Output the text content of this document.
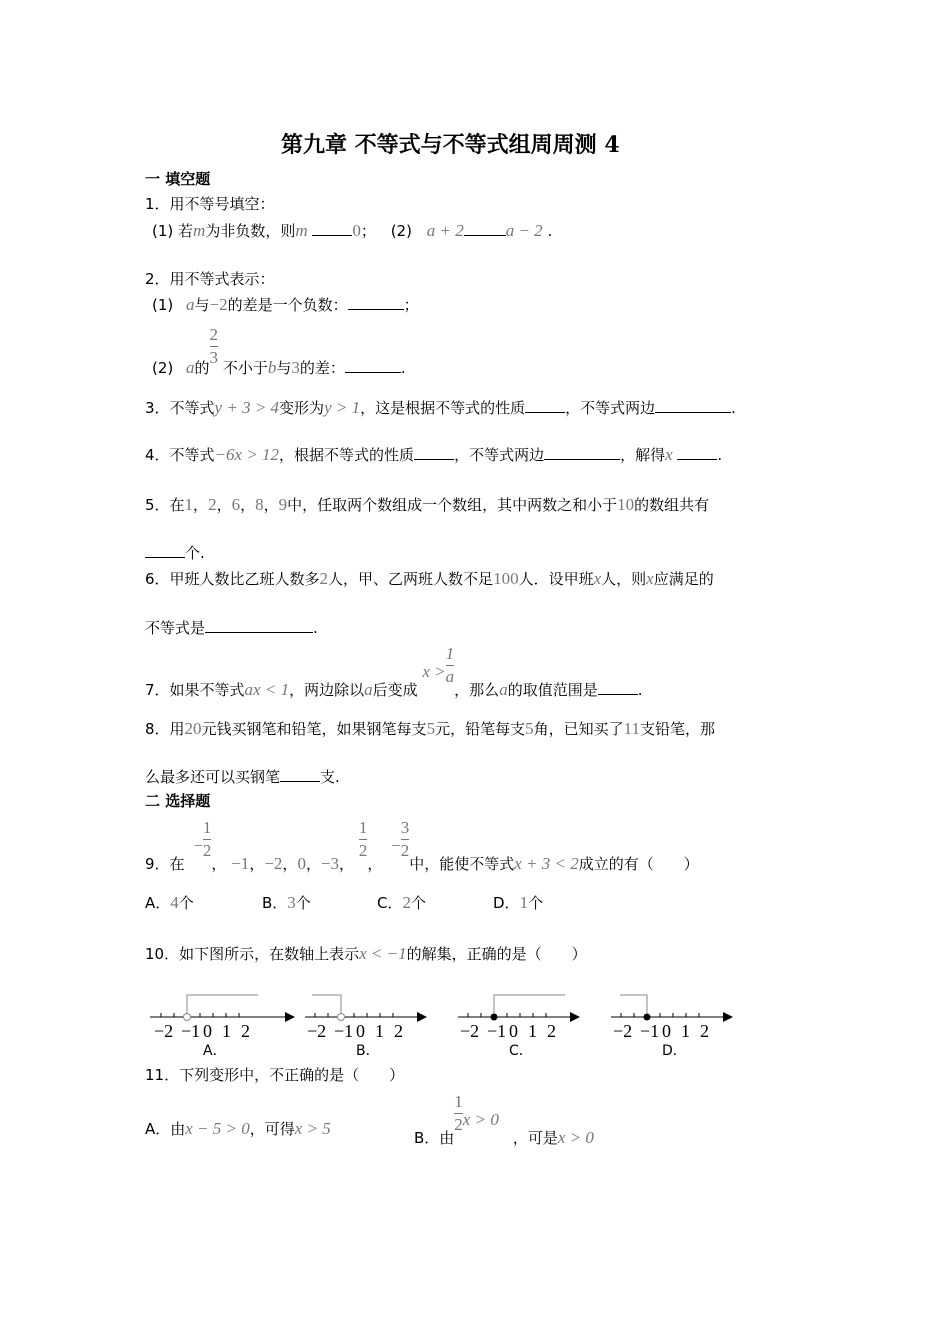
第九章 不等式与不等式组周周测 4
一 填空题
1．用不等号填空：
(1) 若m为非负数，则m	0； (2) a + 2 a − 2 .
2．用不等式表示：
(1) a与−2的差是一个负数：	；
(2) a的
$\frac{2}{3}$
不小于b与3的差：	.
3．不等式y + 3 > 4变形为y > 1，这是根据不等式的性质	，不等式两边	.
4．不等式−6x > 12，根据不等式的性质	，不等式两边	，解得x	.
5．在1，2，6，8，9中，任取两个数组成一个数组，其中两数之和小于10的数组共有
个.
6．甲班人数比乙班人数多2人，甲、乙两班人数不足100人．设甲班x人，则x应满足的
不等式是	.
7．如果不等式ax < 1，两边除以a后变成 $x > \frac{1}{a}$
，那么a的取值范围是	.
8．用20元钱买钢笔和铅笔，如果钢笔每支5元，铅笔每支5角，已知买了11支铅笔，那
么最多还可以买钢笔	支.
二 选择题
9．在 − $\frac{1}{2}$
， −1，−2，0，−3，
$\frac{1}{2}$
， − $\frac{3}{2}$
中，能使不等式x + 3 < 2成立的有（　　）
A．4个	B．3个	C．2个	D．1个
10．如下图所示，在数轴上表示x < −1的解集，正确的是（　　）
−2 −1 0 1 2	−2 −1 0 1 2	−2 −1 0 1 2	−2 −1 0 1 2
A．	B．	C．	D．
11．下列变形中，不正确的是（　　）
A．由x − 5 > 0，可得x > 5	B．由
$\frac{1}{2}$ x > 0，可是x > 0
